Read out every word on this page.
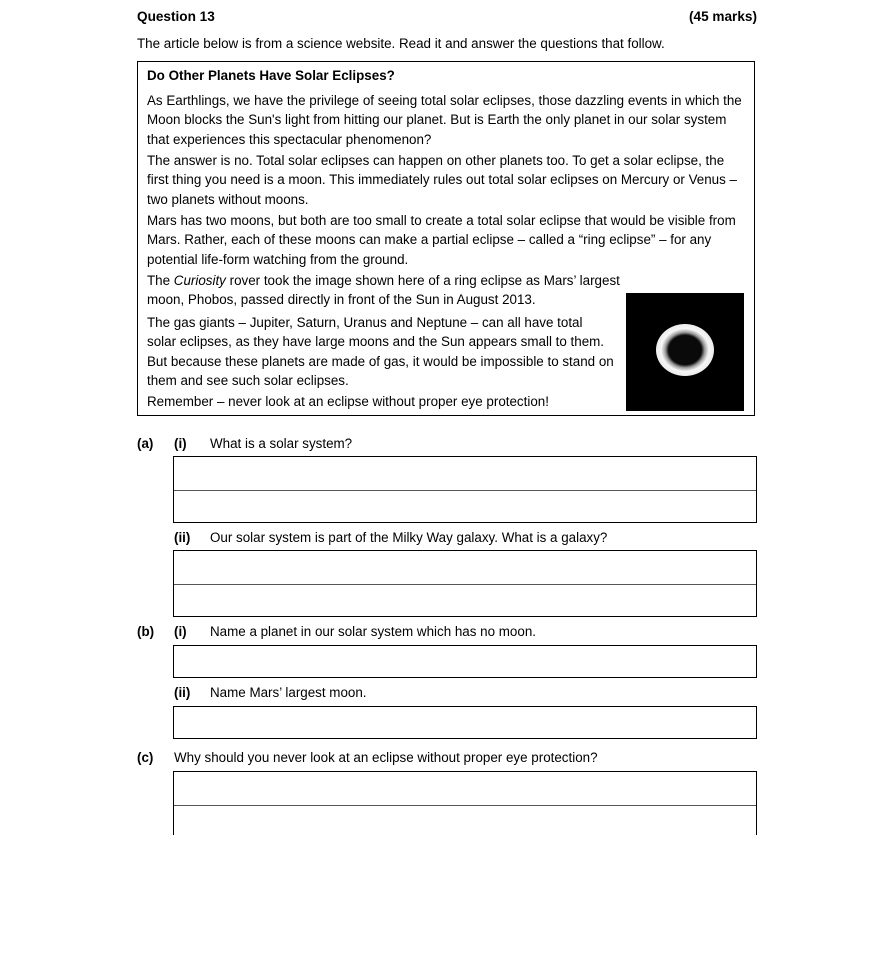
Question 13	(45 marks)
The article below is from a science website. Read it and answer the questions that follow.
Do Other Planets Have Solar Eclipses?
As Earthlings, we have the privilege of seeing total solar eclipses, those dazzling events in which the Moon blocks the Sun's light from hitting our planet. But is Earth the only planet in our solar system that experiences this spectacular phenomenon?
The answer is no. Total solar eclipses can happen on other planets too. To get a solar eclipse, the first thing you need is a moon. This immediately rules out total solar eclipses on Mercury or Venus – two planets without moons.
Mars has two moons, but both are too small to create a total solar eclipse that would be visible from Mars. Rather, each of these moons can make a partial eclipse – called a “ring eclipse” – for any potential life-form watching from the ground.
The Curiosity rover took the image shown here of a ring eclipse as Mars’ largest moon, Phobos, passed directly in front of the Sun in August 2013.
The gas giants – Jupiter, Saturn, Uranus and Neptune – can all have total solar eclipses, as they have large moons and the Sun appears small to them. But because these planets are made of gas, it would be impossible to stand on them and see such solar eclipses.
Remember – never look at an eclipse without proper eye protection!
(a) (i) What is a solar system?
(ii) Our solar system is part of the Milky Way galaxy. What is a galaxy?
(b) (i) Name a planet in our solar system which has no moon.
(ii) Name Mars’ largest moon.
(c) Why should you never look at an eclipse without proper eye protection?
